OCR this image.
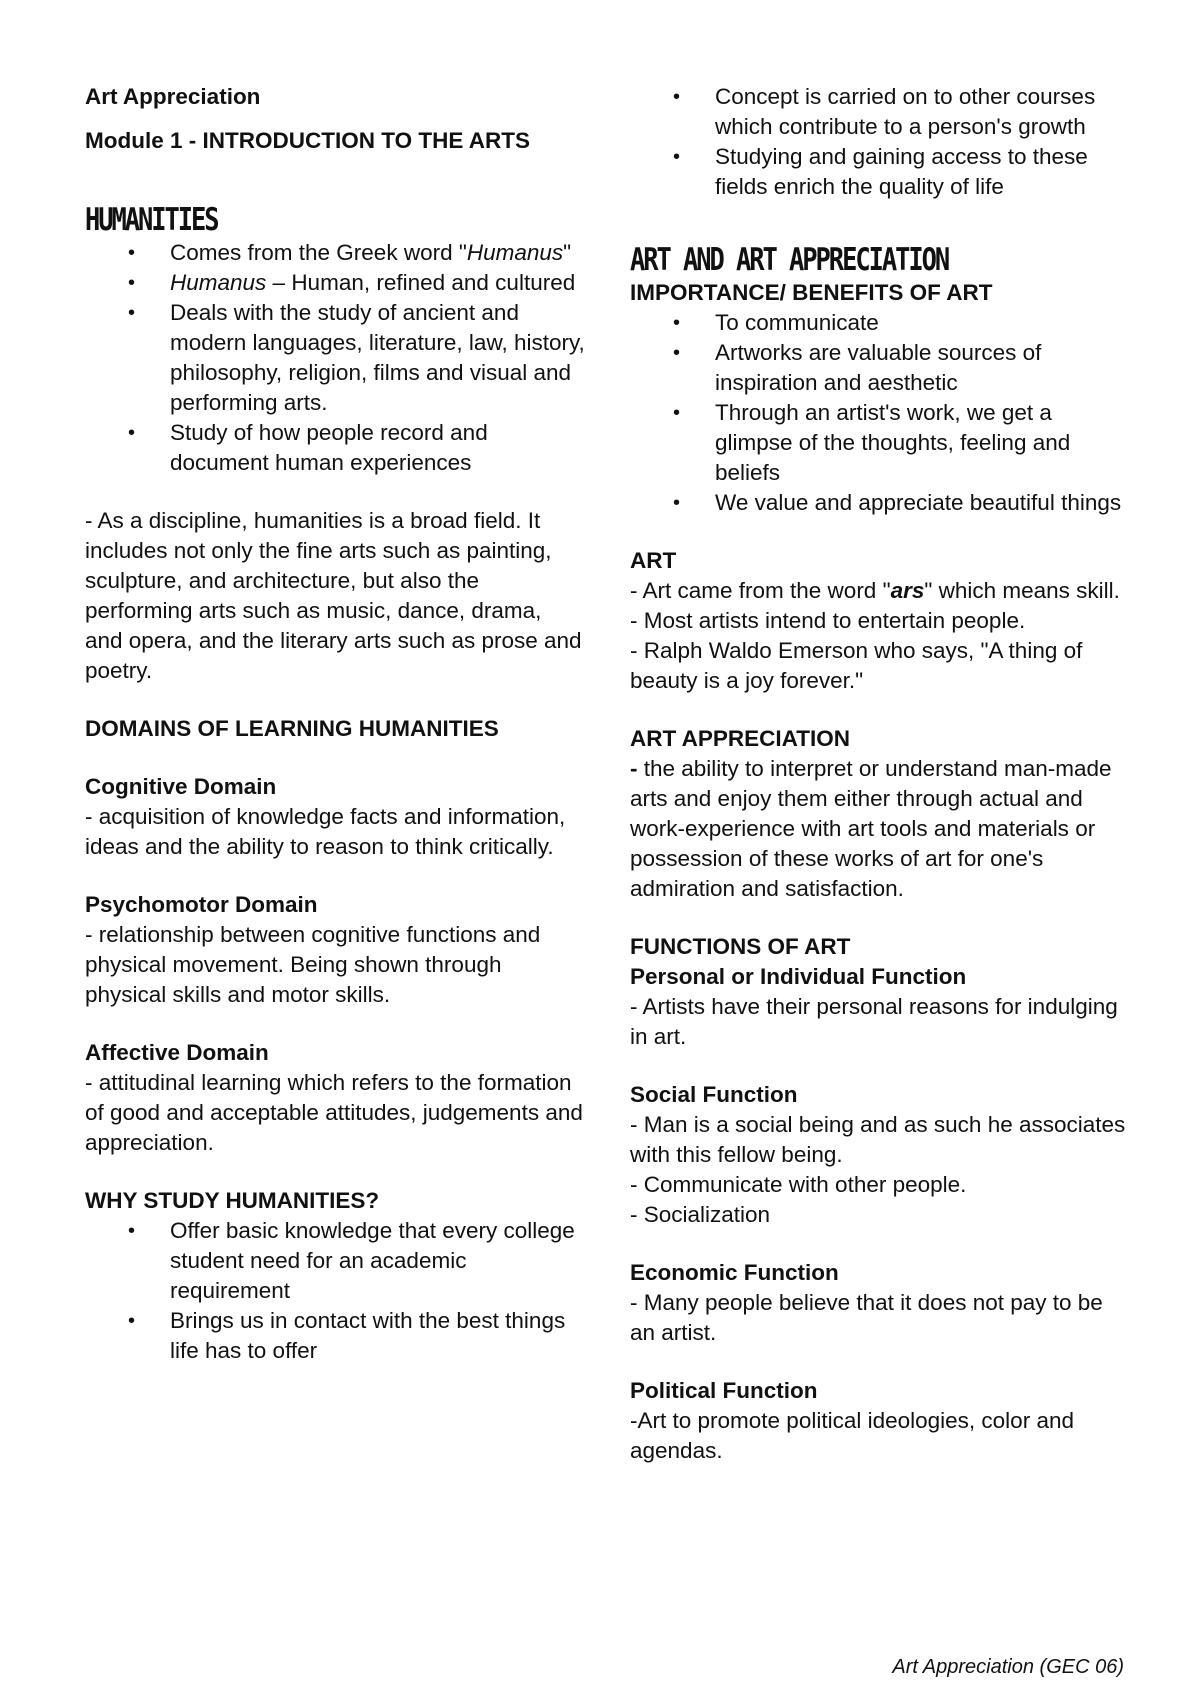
Art Appreciation

Module 1 - INTRODUCTION TO THE ARTS

HUMANITIES

• Comes from the Greek word "Humanus"
• Humanus – Human, refined and cultured
• Deals with the study of ancient and modern languages, literature, law, history, philosophy, religion, films and visual and performing arts.
• Study of how people record and document human experiences

- As a discipline, humanities is a broad field. It includes not only the fine arts such as painting, sculpture, and architecture, but also the performing arts such as music, dance, drama, and opera, and the literary arts such as prose and poetry.

DOMAINS OF LEARNING HUMANITIES

Cognitive Domain

- acquisition of knowledge facts and information, ideas and the ability to reason to think critically.

Psychomotor Domain

- relationship between cognitive functions and physical movement. Being shown through physical skills and motor skills.

Affective Domain

- attitudinal learning which refers to the formation of good and acceptable attitudes, judgements and appreciation.

WHY STUDY HUMANITIES?

• Offer basic knowledge that every college student need for an academic requirement
• Brings us in contact with the best things life has to offer
• Concept is carried on to other courses which contribute to a person's growth
• Studying and gaining access to these fields enrich the quality of life

ART AND ART APPRECIATION

IMPORTANCE/ BENEFITS OF ART

• To communicate
• Artworks are valuable sources of inspiration and aesthetic
• Through an artist's work, we get a glimpse of the thoughts, feeling and beliefs
• We value and appreciate beautiful things

ART

- Art came from the word "ars" which means skill.

- Most artists intend to entertain people.

- Ralph Waldo Emerson who says, "A thing of beauty is a joy forever."

ART APPRECIATION

- the ability to interpret or understand man-made arts and enjoy them either through actual and work-experience with art tools and materials or possession of these works of art for one's admiration and satisfaction.

FUNCTIONS OF ART

Personal or Individual Function

- Artists have their personal reasons for indulging in art.

Social Function

- Man is a social being and as such he associates with this fellow being.

- Communicate with other people.

- Socialization

Economic Function

- Many people believe that it does not pay to be an artist.

Political Function

-Art to promote political ideologies, color and agendas.

Art Appreciation (GEC 06)
